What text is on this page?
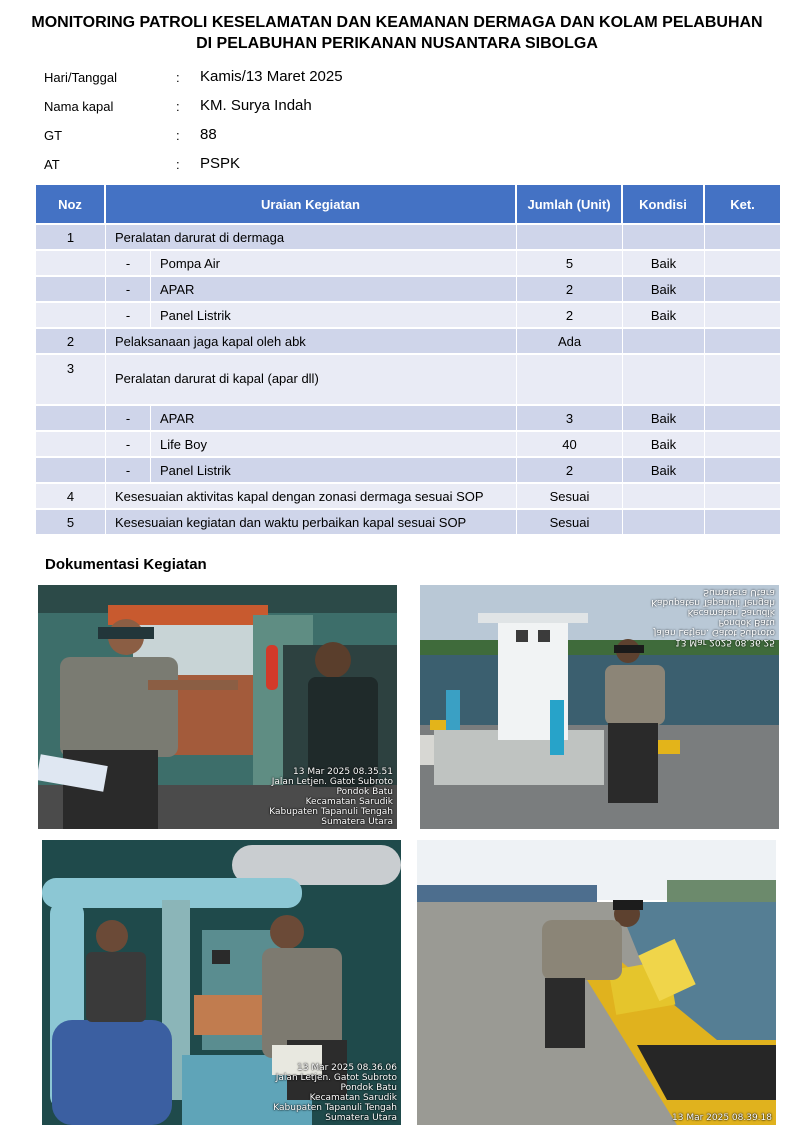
MONITORING PATROLI KESELAMATAN DAN KEAMANAN DERMAGA DAN KOLAM PELABUHAN
DI PELABUHAN PERIKANAN NUSANTARA SIBOLGA
Hari/Tanggal	: Kamis/13 Maret 2025
Nama kapal	: KM. Surya Indah
GT	: 88
AT	: PSPK
Noz	Uraian Kegiatan		Jumlah (Unit)	Kondisi	Ket.
1	Peralatan darurat di dermaga				
	-	Pompa Air	5	Baik	
	-	APAR	2	Baik	
	-	Panel Listrik	2	Baik	
2	Pelaksanaan jaga kapal oleh abk		Ada		

3	Peralatan darurat di kapal (apar dll)				

	-	APAR	3	Baik	
	-	Life Boy	40	Baik	
	-	Panel Listrik	2	Baik	
4	Kesesuaian aktivitas kapal dengan zonasi dermaga sesuai SOP		Sesuai		
5	Kesesuaian kegiatan dan waktu perbaikan kapal sesuai SOP		Sesuai		
Dokumentasi Kegiatan
13 Mar 2025 08.35.51
Jalan Letjen. Gatot Subroto
Pondok Batu
Kecamatan Sarudik
Kabupaten Tapanuli Tengah
Sumatera Utara
13 Mar 2025 08.36.25
Jalan Letjen. Gatot Subroto
Pondok Batu
Kecamatan Sarudik
Kabupaten Tapanuli Tengah
Sumatera Utara
13 Mar 2025 08.36.06
Jalan Letjen. Gatot Subroto
Pondok Batu
Kecamatan Sarudik
Kabupaten Tapanuli Tengah
Sumatera Utara	13 Mar 2025 08.39.18
